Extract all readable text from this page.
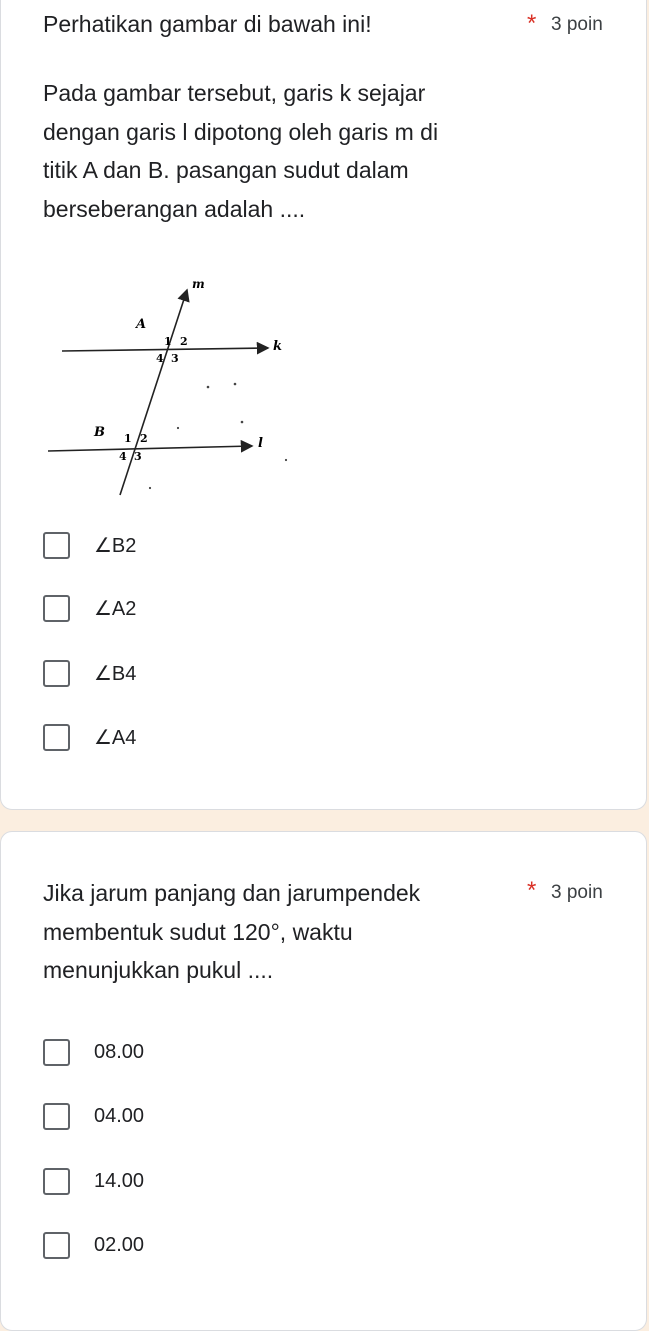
Perhatikan gambar di bawah ini!	* 3 poin
Pada gambar tersebut, garis k sejajar
dengan garis l dipotong oleh garis m di
titik A dan B. pasangan sudut dalam
berseberangan adalah ....
m
k
l
A
B
1 2
4 3
1 2
4 3
∠B2
∠A2
∠B4
∠A4
Jika jarum panjang dan jarumpendek
membentuk sudut 120°, waktu
menunjukkan pukul ....
* 3 poin
08.00
04.00
14.00
02.00
